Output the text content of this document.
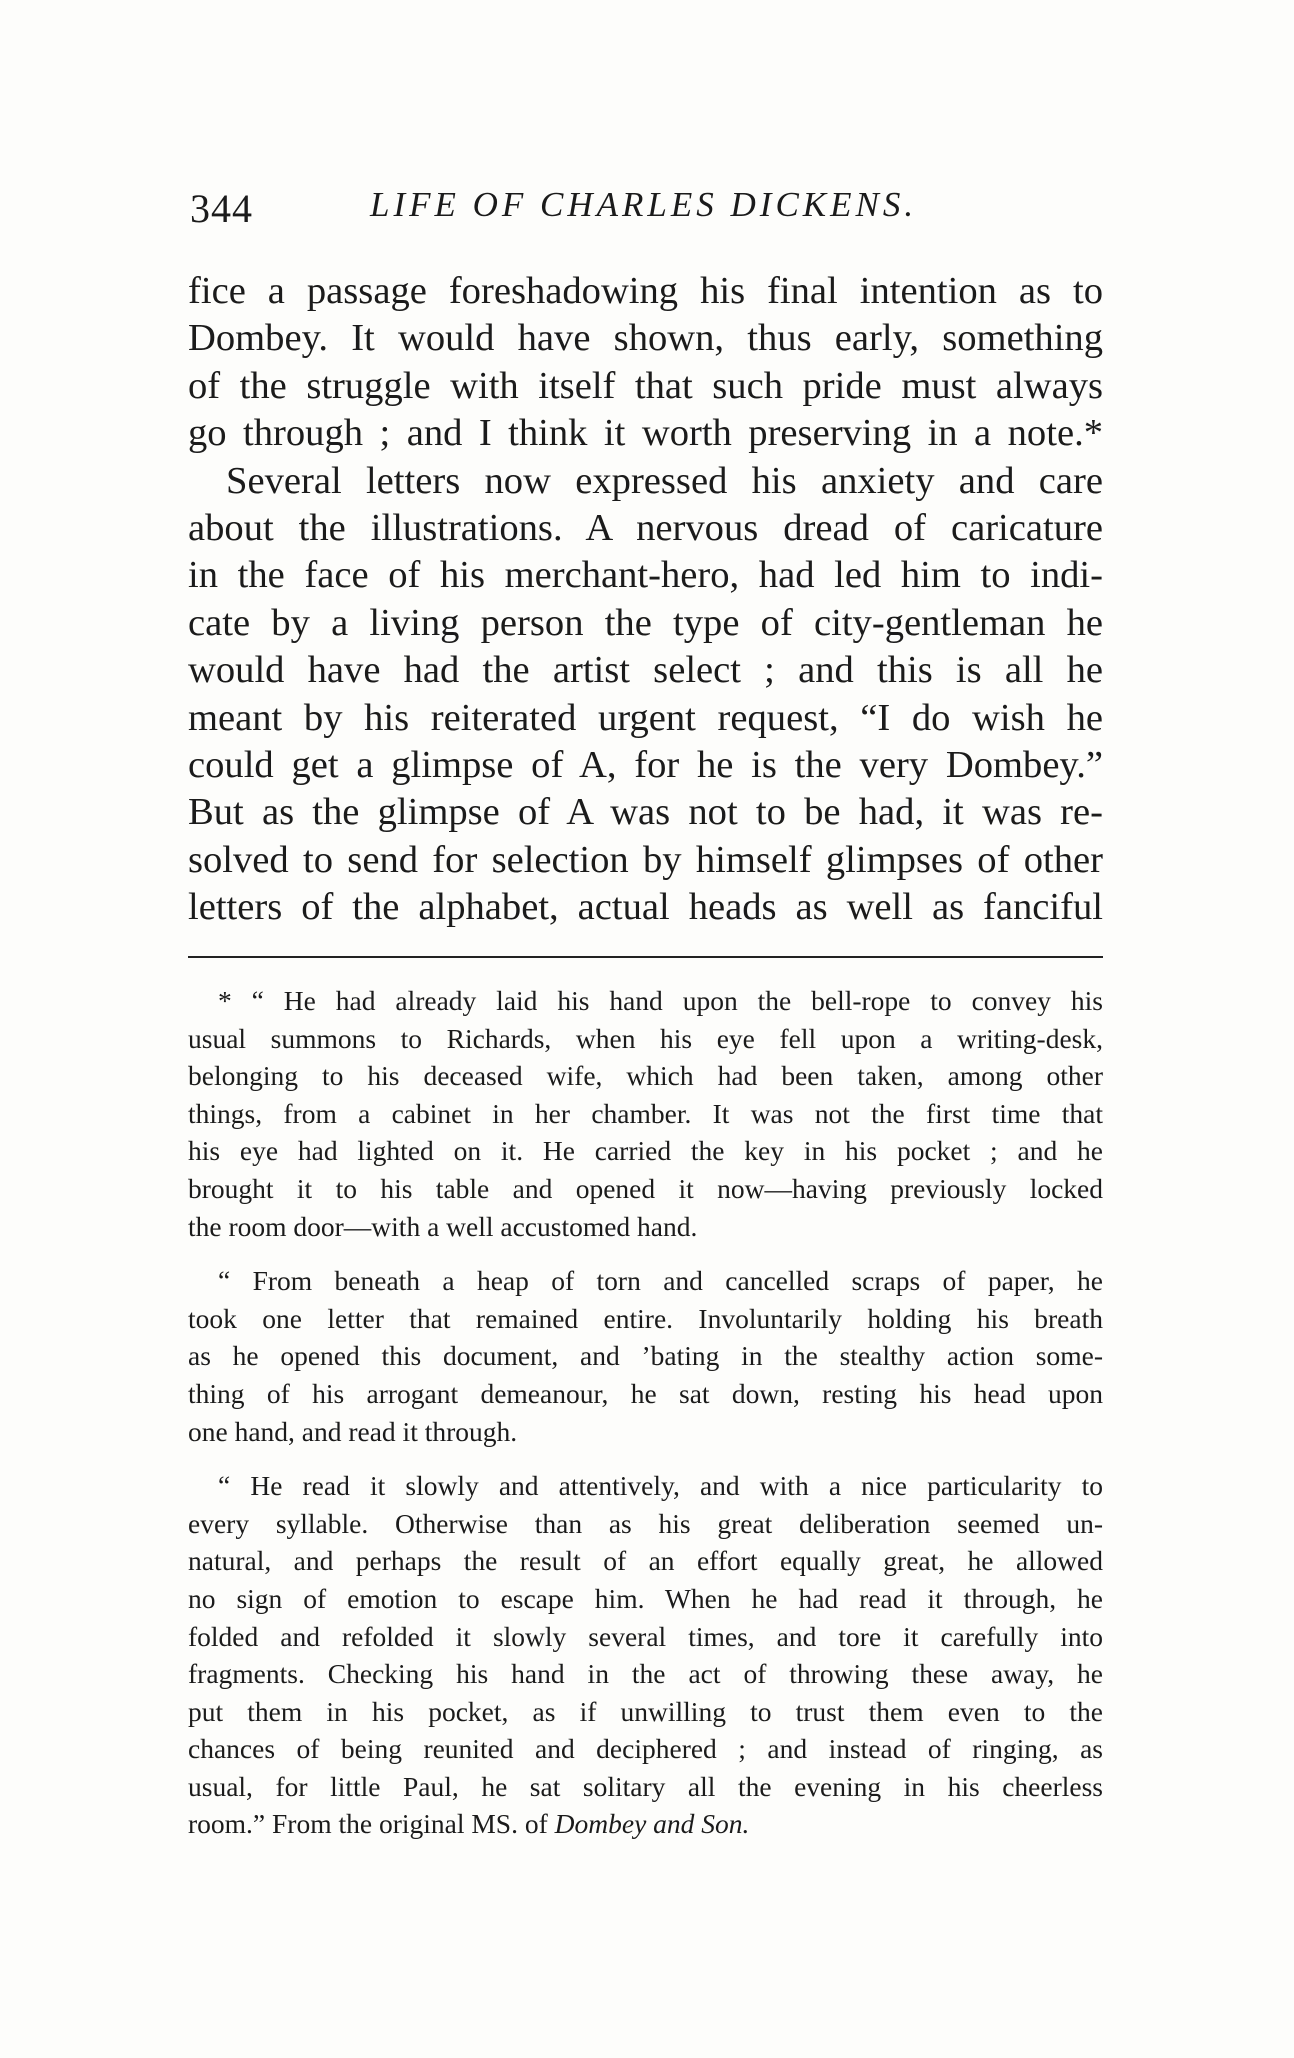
344	LIFE OF CHARLES DICKENS.
fice a passage foreshadowing his final intention as to
Dombey. It would have shown, thus early, something
of the struggle with itself that such pride must always
go through ; and I think it worth preserving in a note.*
Several letters now expressed his anxiety and care
about the illustrations. A nervous dread of caricature
in the face of his merchant-hero, had led him to indi-
cate by a living person the type of city-gentleman he
would have had the artist select ; and this is all he
meant by his reiterated urgent request, “I do wish he
could get a glimpse of A, for he is the very Dombey.”
But as the glimpse of A was not to be had, it was re-
solved to send for selection by himself glimpses of other
letters of the alphabet, actual heads as well as fanciful
* “ He had already laid his hand upon the bell-rope to convey his
usual summons to Richards, when his eye fell upon a writing-desk,
belonging to his deceased wife, which had been taken, among other
things, from a cabinet in her chamber. It was not the first time that
his eye had lighted on it. He carried the key in his pocket ; and he
brought it to his table and opened it now—having previously locked
the room door—with a well accustomed hand.
“ From beneath a heap of torn and cancelled scraps of paper, he
took one letter that remained entire. Involuntarily holding his breath
as he opened this document, and ’bating in the stealthy action some-
thing of his arrogant demeanour, he sat down, resting his head upon
one hand, and read it through.
“ He read it slowly and attentively, and with a nice particularity to
every syllable. Otherwise than as his great deliberation seemed un-
natural, and perhaps the result of an effort equally great, he allowed
no sign of emotion to escape him. When he had read it through, he
folded and refolded it slowly several times, and tore it carefully into
fragments. Checking his hand in the act of throwing these away, he
put them in his pocket, as if unwilling to trust them even to the
chances of being reunited and deciphered ; and instead of ringing, as
usual, for little Paul, he sat solitary all the evening in his cheerless
room.” From the original MS. of Dombey and Son.
